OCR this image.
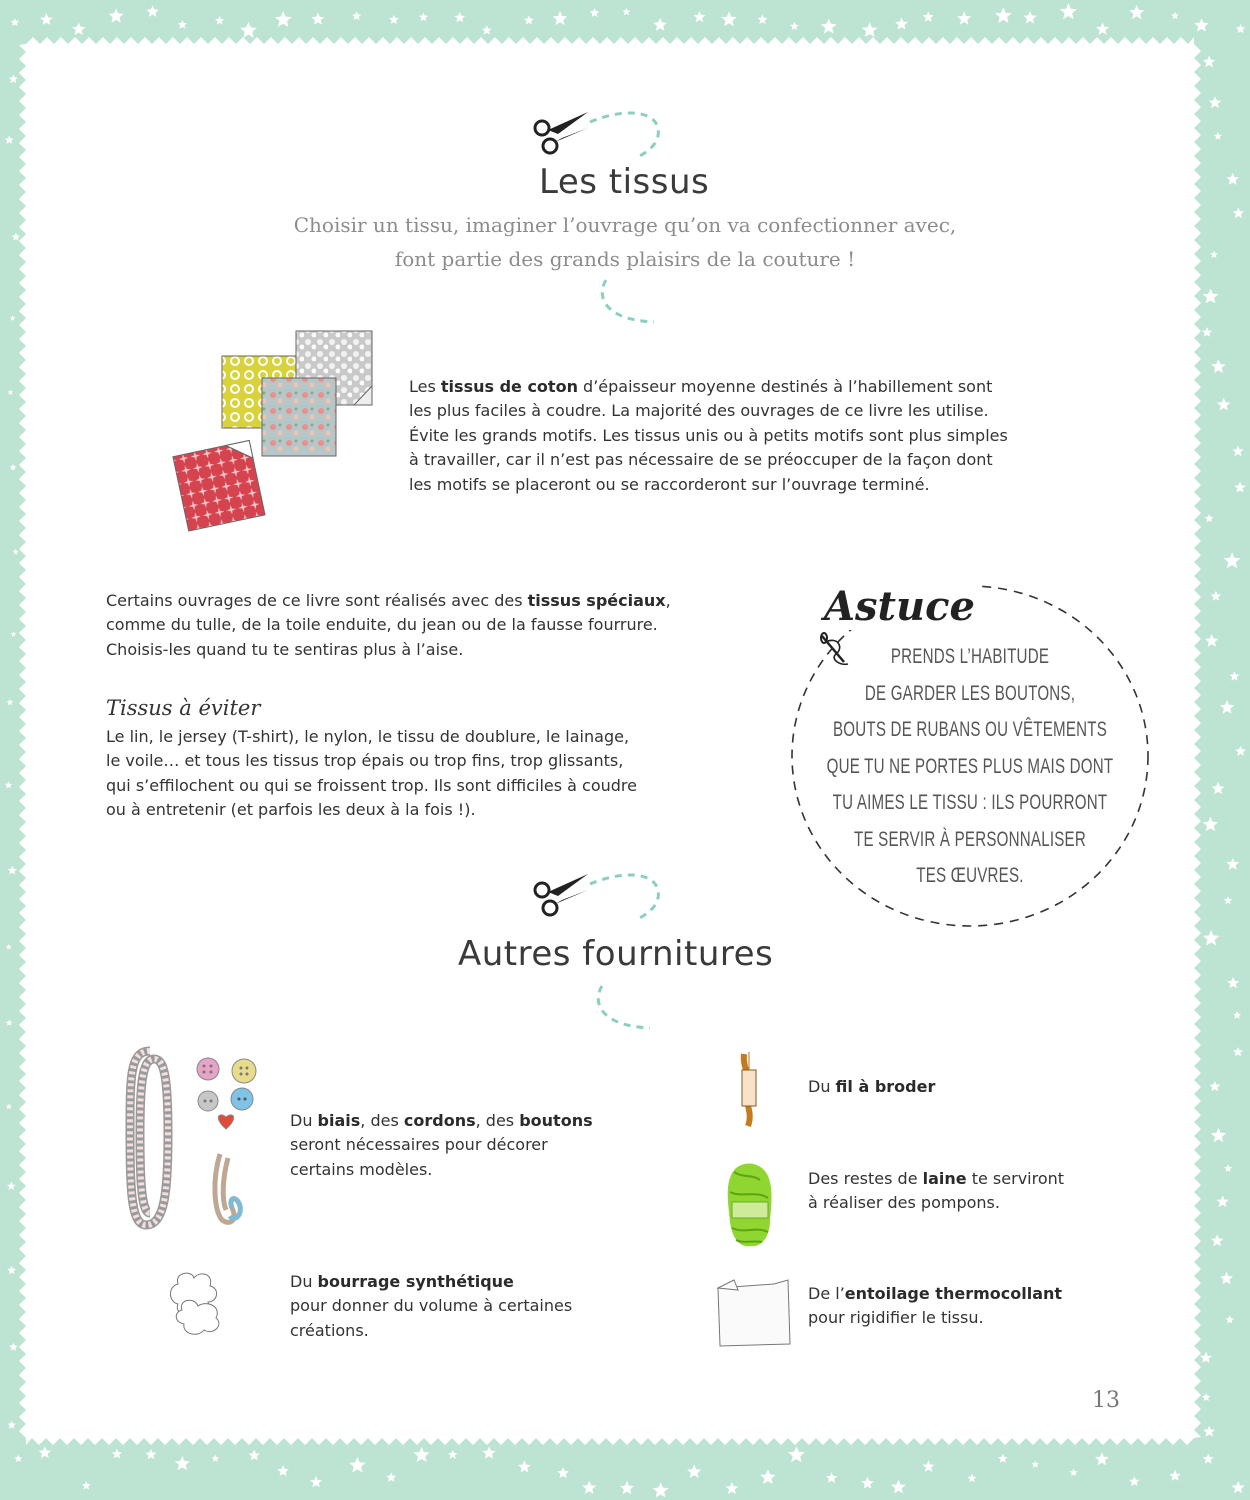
Les tissus
Choisir un tissu, imaginer l’ouvrage qu’on va confectionner avec,
font partie des grands plaisirs de la couture !
Les tissus de coton d’épaisseur moyenne destinés à l’habillement sont
les plus faciles à coudre. La majorité des ouvrages de ce livre les utilise.
Évite les grands motifs. Les tissus unis ou à petits motifs sont plus simples
à travailler, car il n’est pas nécessaire de se préoccuper de la façon dont
les motifs se placeront ou se raccorderont sur l’ouvrage terminé.
Certains ouvrages de ce livre sont réalisés avec des tissus spéciaux,
comme du tulle, de la toile enduite, du jean ou de la fausse fourrure.
Choisis-les quand tu te sentiras plus à l’aise.
Tissus à éviter
Le lin, le jersey (T-shirt), le nylon, le tissu de doublure, le lainage,
le voile… et tous les tissus trop épais ou trop fins, trop glissants,
qui s’effilochent ou qui se froissent trop. Ils sont difficiles à coudre
ou à entretenir (et parfois les deux à la fois !).
Astuce
PRENDS L’HABITUDE
DE GARDER LES BOUTONS,
BOUTS DE RUBANS OU VÊTEMENTS
QUE TU NE PORTES PLUS MAIS DONT
TU AIMES LE TISSU : ILS POURRONT
TE SERVIR À PERSONNALISER
TES ŒUVRES.
Autres fournitures
Du biais, des cordons, des boutons
seront nécessaires pour décorer
certains modèles.
Du bourrage synthétique
pour donner du volume à certaines
créations.
Du fil à broder
Des restes de laine te serviront
à réaliser des pompons.
De l’entoilage thermocollant
pour rigidifier le tissu.
13
